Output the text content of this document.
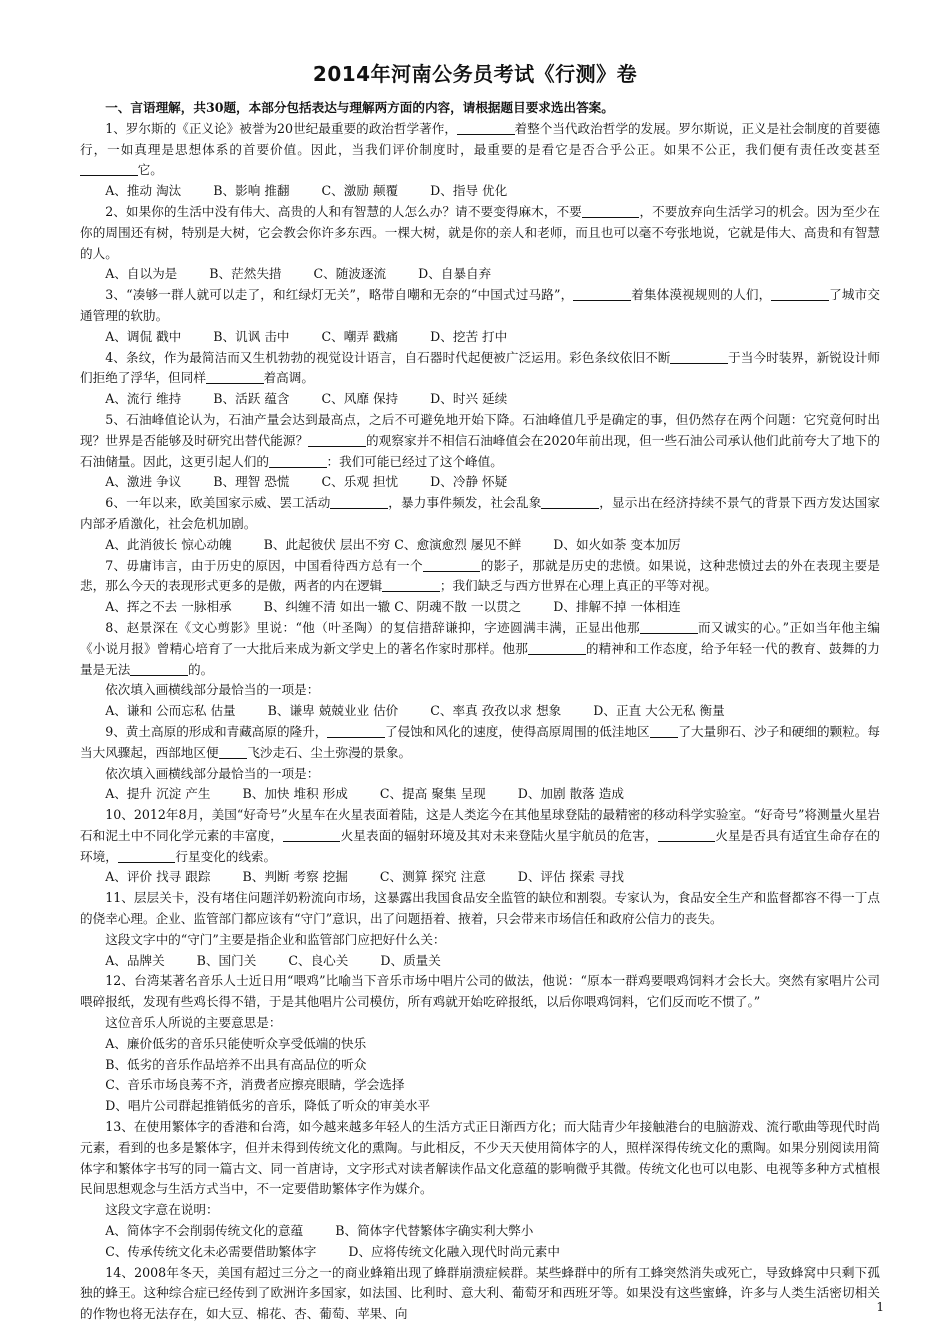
2014年河南公务员考试《行测》卷

一、言语理解，共30题，本部分包括表达与理解两方面的内容，请根据题目要求选出答案。

1、罗尔斯的《正义论》被誉为20世纪最重要的政治哲学著作，	着整个当代政治哲学的发展。罗尔斯说，正义是社会制度的首要德行，一如真理是思想体系的首要价值。因此，当我们评价制度时，最重要的是看它是否合乎公正。如果不公正，我们便有责任改变甚至它。

A、推动 淘汰        B、影响 推翻        C、激励 颠覆        D、指导 优化

2、如果你的生活中没有伟大、高贵的人和有智慧的人怎么办？请不要变得麻木，不要	，不要放弃向生活学习的机会。因为至少在你的周围还有树，特别是大树，它会教会你许多东西。一棵大树，就是你的亲人和老师，而且也可以毫不夸张地说，它就是伟大、高贵和有智慧的人。

A、自以为是        B、茫然失措        C、随波逐流        D、自暴自弃

3、“凑够一群人就可以走了，和红绿灯无关”，略带自嘲和无奈的“中国式过马路”，	着集体漠视规则的人们，	了城市交通管理的软肋。

A、调侃 戳中        B、讥讽 击中        C、嘲弄 戳痛        D、挖苦 打中

4、条纹，作为最简洁而又生机勃勃的视觉设计语言，自石器时代起便被广泛运用。彩色条纹依旧不断	于当今时装界，新锐设计师们拒绝了浮华，但同样	着高调。

A、流行 维持        B、活跃 蕴含        C、风靡 保持        D、时兴 延续

5、石油峰值论认为，石油产量会达到最高点，之后不可避免地开始下降。石油峰值几乎是确定的事，但仍然存在两个问题：它究竟何时出现？世界是否能够及时研究出替代能源？	的观察家并不相信石油峰值会在2020年前出现，但一些石油公司承认他们此前夸大了地下的石油储量。因此，这更引起人们的	：我们可能已经过了这个峰值。

A、激进 争议        B、理智 恐慌        C、乐观 担忧        D、冷静 怀疑

6、一年以来，欧美国家示威、罢工活动	，暴力事件频发，社会乱象	，显示出在经济持续不景气的背景下西方发达国家内部矛盾激化，社会危机加剧。

A、此消彼长 惊心动魄        B、此起彼伏 层出不穷 C、愈演愈烈 屡见不鲜        D、如火如荼 变本加厉

7、毋庸讳言，由于历史的原因，中国看待西方总有一个	的影子，那就是历史的悲愤。如果说，这种悲愤过去的外在表现主要是悲，那么今天的表现形式更多的是傲，两者的内在逻辑	；我们缺乏与西方世界在心理上真正的平等对视。

A、挥之不去 一脉相承        B、纠缠不清 如出一辙 C、阴魂不散 一以贯之        D、排解不掉 一体相连

8、赵景深在《文心剪影》里说：“他（叶圣陶）的复信措辞谦抑，字迹圆满丰满，正显出他那	而又诚实的心。”正如当年他主编《小说月报》曾精心培育了一大批后来成为新文学史上的著名作家时那样。他那	的精神和工作态度，给予年轻一代的教育、鼓舞的力量是无法	的。

依次填入画横线部分最恰当的一项是：

A、谦和 公而忘私 估量        B、谦卑 兢兢业业 估价        C、率真 孜孜以求 想象        D、正直 大公无私 衡量

9、黄土高原的形成和青藏高原的隆升，	了侵蚀和风化的速度，使得高原周围的低洼地区 了大量卵石、沙子和硬细的颗粒。每当大风骤起，西部地区便 飞沙走石、尘土弥漫的景象。

依次填入画横线部分最恰当的一项是：

A、提升 沉淀 产生        B、加快 堆积 形成        C、提高 聚集 呈现        D、加剧 散落 造成

10、2012年8月，美国“好奇号”火星车在火星表面着陆，这是人类迄今在其他星球登陆的最精密的移动科学实验室。“好奇号”将测量火星岩石和泥土中不同化学元素的丰富度，	火星表面的辐射环境及其对未来登陆火星宇航员的危害，	火星是否具有适宜生命存在的环境，	行星变化的线索。

A、评价 找寻 跟踪        B、判断 考察 挖掘        C、测算 探究 注意        D、评估 探索 寻找

11、层层关卡，没有堵住问题洋奶粉流向市场，这暴露出我国食品安全监管的缺位和割裂。专家认为，食品安全生产和监督都容不得一丁点的侥幸心理。企业、监管部门都应该有“守门”意识，出了问题捂着、掖着，只会带来市场信任和政府公信力的丧失。

这段文字中的“守门”主要是指企业和监管部门应把好什么关：

A、品牌关        B、国门关        C、良心关        D、质量关

12、台湾某著名音乐人士近日用“喂鸡”比喻当下音乐市场中唱片公司的做法，他说：“原本一群鸡要喂鸡饲料才会长大。突然有家唱片公司喂碎报纸，发现有些鸡长得不错，于是其他唱片公司模仿，所有鸡就开始吃碎报纸，以后你喂鸡饲料，它们反而吃不惯了。”

这位音乐人所说的主要意思是：

A、廉价低劣的音乐只能使听众享受低端的快乐

B、低劣的音乐作品培养不出具有高品位的听众

C、音乐市场良莠不齐，消费者应擦亮眼睛，学会选择

D、唱片公司群起推销低劣的音乐，降低了听众的审美水平

13、在使用繁体字的香港和台湾，如今越来越多年轻人的生活方式正日渐西方化；而大陆青少年接触港台的电脑游戏、流行歌曲等现代时尚元素，看到的也多是繁体字，但并未得到传统文化的熏陶。与此相反，不少天天使用简体字的人，照样深得传统文化的熏陶。如果分别阅读用简体字和繁体字书写的同一篇古文、同一首唐诗，文字形式对读者解读作品文化意蕴的影响微乎其微。传统文化也可以电影、电视等多种方式植根民间思想观念与生活方式当中，不一定要借助繁体字作为媒介。

这段文字意在说明：

A、简体字不会削弱传统文化的意蕴        B、简体字代替繁体字确实利大弊小

C、传承传统文化未必需要借助繁体字        D、应将传统文化融入现代时尚元素中

14、2008年冬天，美国有超过三分之一的商业蜂箱出现了蜂群崩溃症候群。某些蜂群中的所有工蜂突然消失或死亡，导致蜂窝中只剩下孤独的蜂王。这种综合症已经传到了欧洲许多国家，如法国、比利时、意大利、葡萄牙和西班牙等。如果没有这些蜜蜂，许多与人类生活密切相关的作物也将无法存在，如大豆、棉花、杏、葡萄、苹果、向	1
